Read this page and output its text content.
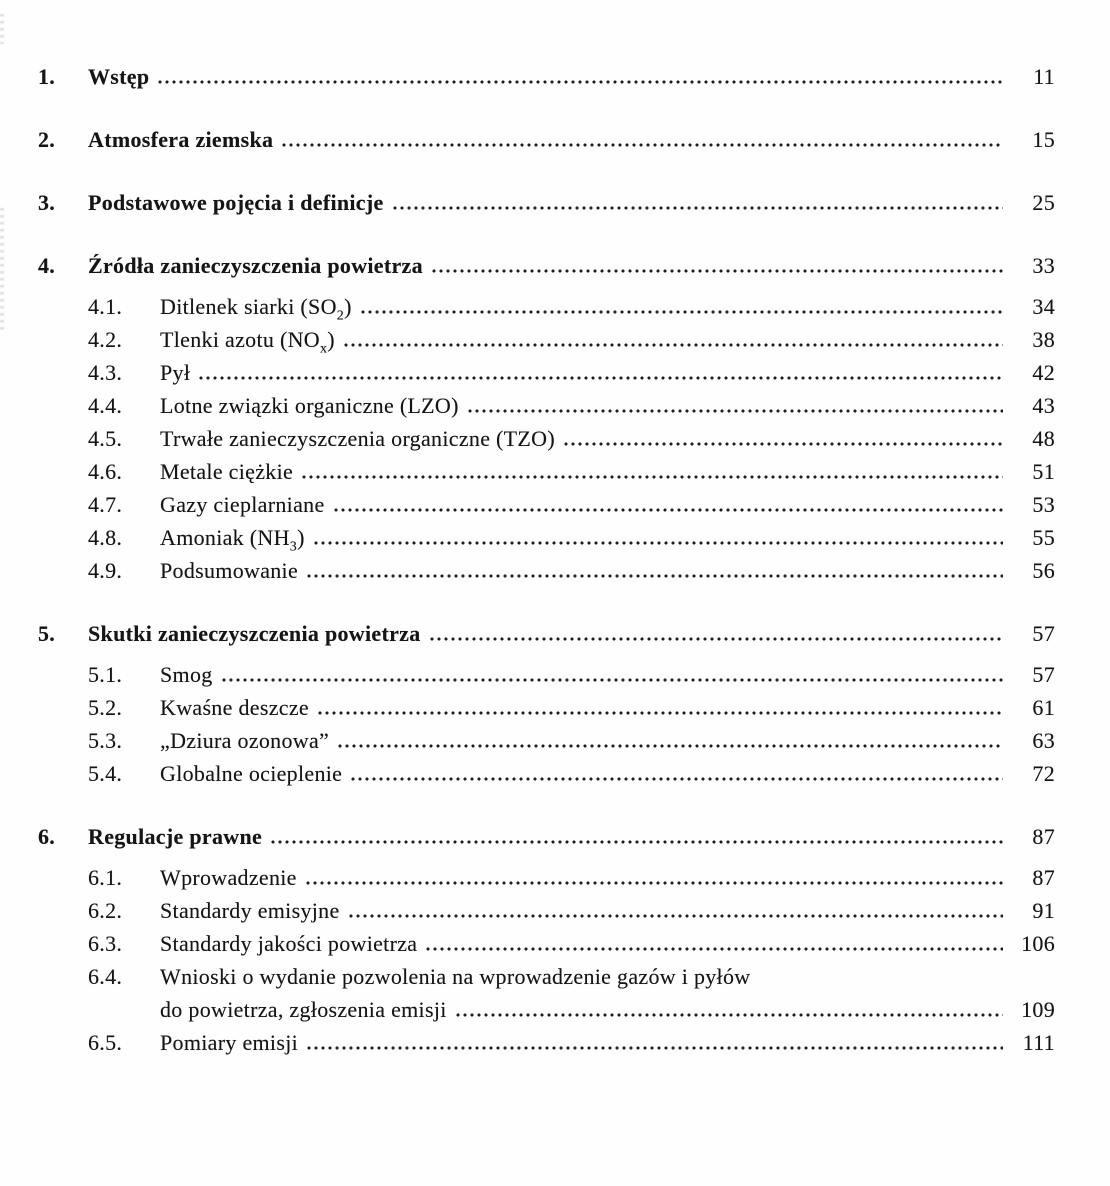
1.	Wstęp	11
2.	Atmosfera ziemska	15
3.	Podstawowe pojęcia i definicje	25
4.	Źródła zanieczyszczenia powietrza	33
4.1.	Ditlenek siarki $(SO_2)$	34
4.2.	Tlenki azotu $(NO_x)$	38
4.3.	Pył	42
4.4.	Lotne związki organiczne (LZO)	43
4.5.	Trwałe zanieczyszczenia organiczne (TZO)	48
4.6.	Metale ciężkie	51
4.7.	Gazy cieplarniane	53
4.8.	Amoniak $(NH_3)$	55
4.9.	Podsumowanie	56
5.	Skutki zanieczyszczenia powietrza	57
5.1.	Smog	57
5.2.	Kwaśne deszcze	61
5.3.	„Dziura ozonowa”	63
5.4.	Globalne ocieplenie	72
6.	Regulacje prawne	87
6.1.	Wprowadzenie	87
6.2.	Standardy emisyjne	91
6.3.	Standardy jakości powietrza	106
6.4.	Wnioski o wydanie pozwolenia na wprowadzenie gazów i pyłów
do powietrza, zgłoszenia emisji	109
6.5.	Pomiary emisji	111
